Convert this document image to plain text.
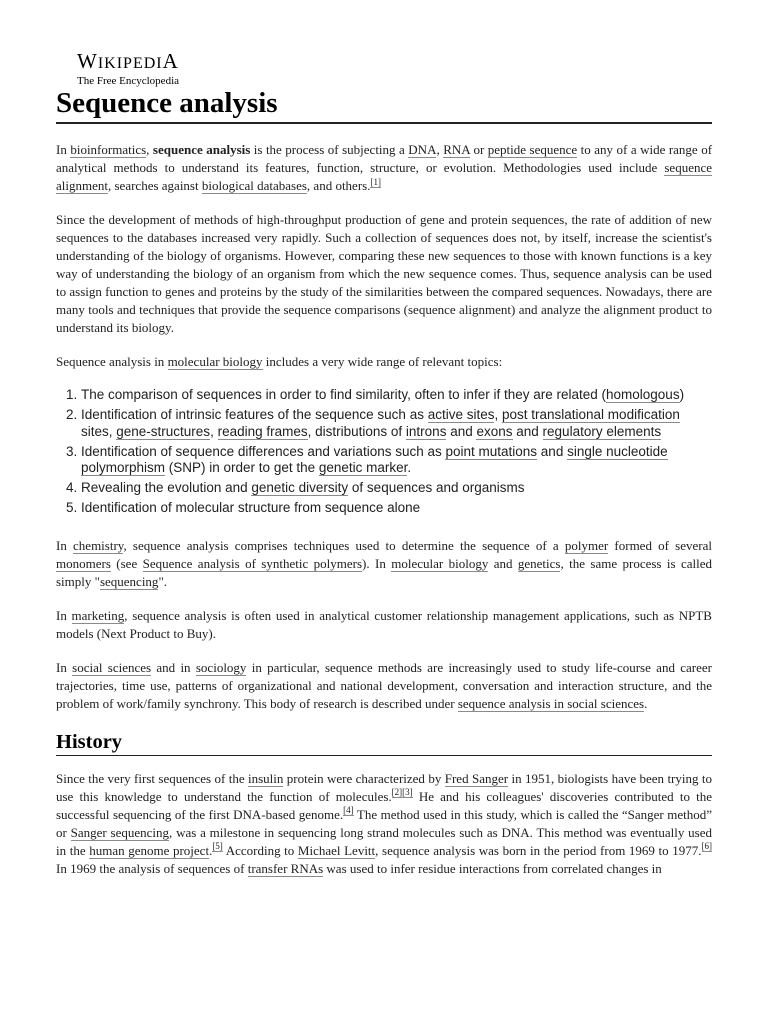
WIKIPEDIA
The Free Encyclopedia
Sequence analysis

In bioinformatics, sequence analysis is the process of subjecting a DNA, RNA or peptide sequence to any of a wide range of analytical methods to understand its features, function, structure, or evolution. Methodologies used include sequence alignment, searches against biological databases, and others.[1]

Since the development of methods of high-throughput production of gene and protein sequences, the rate of addition of new sequences to the databases increased very rapidly. Such a collection of sequences does not, by itself, increase the scientist's understanding of the biology of organisms. However, comparing these new sequences to those with known functions is a key way of understanding the biology of an organism from which the new sequence comes. Thus, sequence analysis can be used to assign function to genes and proteins by the study of the similarities between the compared sequences. Nowadays, there are many tools and techniques that provide the sequence comparisons (sequence alignment) and analyze the alignment product to understand its biology.

Sequence analysis in molecular biology includes a very wide range of relevant topics:

1. The comparison of sequences in order to find similarity, often to infer if they are related (homologous)
2. Identification of intrinsic features of the sequence such as active sites, post translational modification sites, gene-structures, reading frames, distributions of introns and exons and regulatory elements
3. Identification of sequence differences and variations such as point mutations and single nucleotide polymorphism (SNP) in order to get the genetic marker.
4. Revealing the evolution and genetic diversity of sequences and organisms
5. Identification of molecular structure from sequence alone

In chemistry, sequence analysis comprises techniques used to determine the sequence of a polymer formed of several monomers (see Sequence analysis of synthetic polymers). In molecular biology and genetics, the same process is called simply "sequencing".

In marketing, sequence analysis is often used in analytical customer relationship management applications, such as NPTB models (Next Product to Buy).

In social sciences and in sociology in particular, sequence methods are increasingly used to study life-course and career trajectories, time use, patterns of organizational and national development, conversation and interaction structure, and the problem of work/family synchrony. This body of research is described under sequence analysis in social sciences.

History

Since the very first sequences of the insulin protein were characterized by Fred Sanger in 1951, biologists have been trying to use this knowledge to understand the function of molecules.[2][3] He and his colleagues' discoveries contributed to the successful sequencing of the first DNA-based genome.[4] The method used in this study, which is called the “Sanger method” or Sanger sequencing, was a milestone in sequencing long strand molecules such as DNA. This method was eventually used in the human genome project.[5] According to Michael Levitt, sequence analysis was born in the period from 1969 to 1977.[6] In 1969 the analysis of sequences of transfer RNAs was used to infer residue interactions from correlated changes in
